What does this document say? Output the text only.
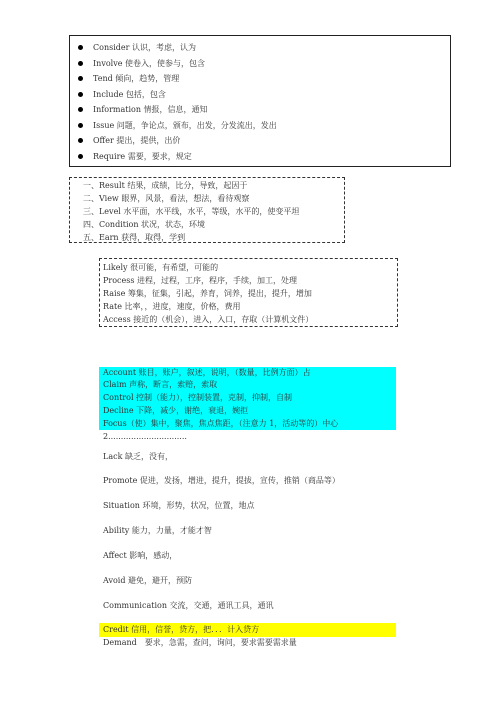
Consider 认识，考虑，认为
Involve 使卷入，使参与，包含
Tend 倾向，趋势，管理
Include 包括，包含
Information 情报，信息，通知
Issue 问题，争论点，颁布，出发，分发流出，发出
Offer 提出，提供，出价
Require 需要，要求，规定
一、Result 结果，成绩，比分，导致，起因于
二、View 眼界，风景，看法，想法，看待观察
三、Level 水平面，水平线，水平，等级，水平的，使变平坦
四、Condition 状况，状态，环境
五、Earn 获得，取得，学到
Likely 很可能，有希望，可能的
Process 进程，过程，工序，程序，手续，加工，处理
Raise 筹集，征集，引起，养育，饲养，提出，提升，增加
Rate 比率，，进度，速度，价格，费用
Access 接近的（机会），进入，入口，存取（计算机文件）
Account 账目，账户，叙述，说明，（数量，比例方面）占
Claim 声称，断言，索赔，索取
Control 控制（能力），控制装置，克制，抑制，自制
Decline 下降，减少，谢绝，衰退，婉拒
Focus（使）集中，聚焦，焦点焦距，（注意力 1，活动等的）中心
2...............................
Lack 缺乏，没有，
Promote 促进，发扬，增进，提升，提拔，宣传，推销（商品等）
Situation 环境，形势，状况，位置，地点
Ability 能力，力量，才能才智
Affect 影响，感动，
Avoid 避免，避开，预防
Communication 交流，交通，通讯工具，通讯
Credit 信用，信誉，贷方，把．．．计入贷方
Demand　要求，急需，查问，询问，要求需要需求量
